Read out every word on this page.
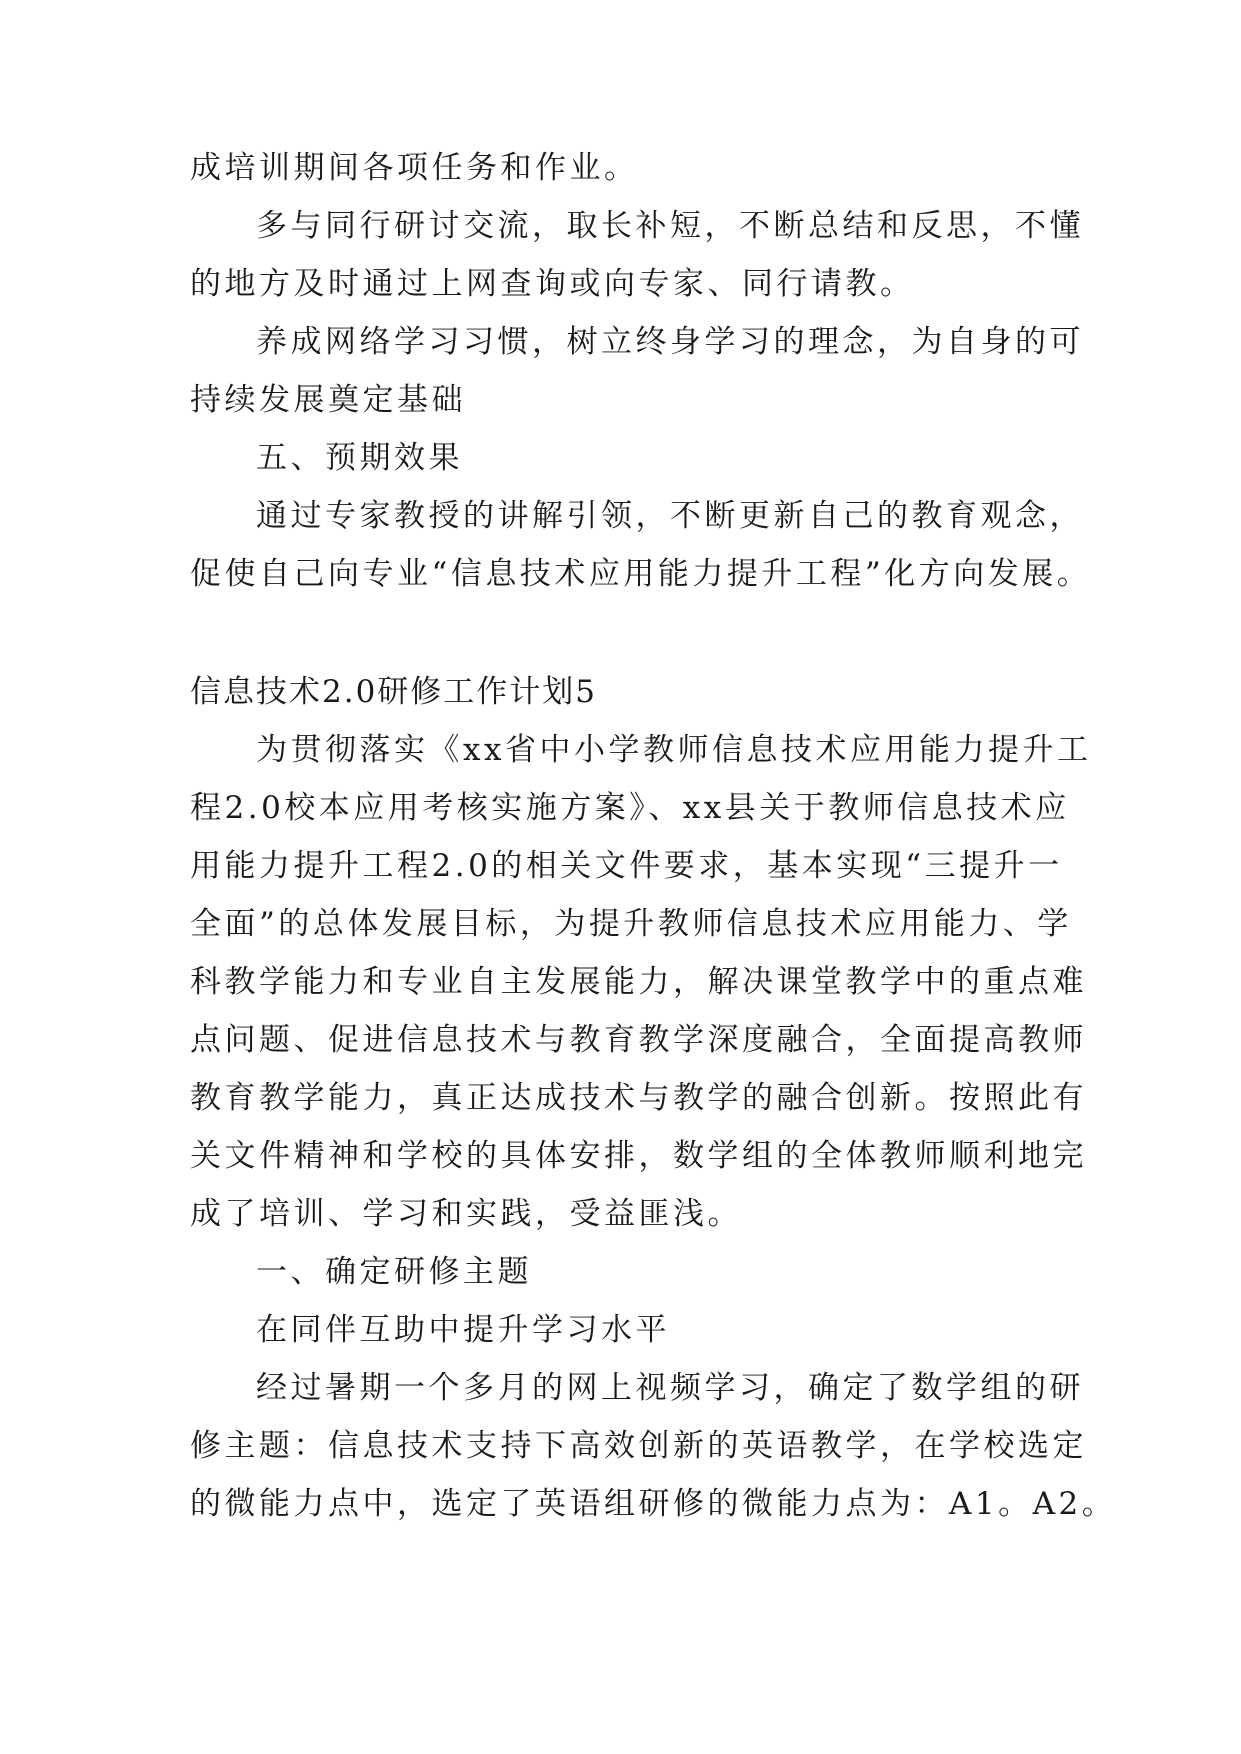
成培训期间各项任务和作业。
多与同行研讨交流，取长补短，不断总结和反思，不懂
的地方及时通过上网查询或向专家、同行请教。
养成网络学习习惯，树立终身学习的理念，为自身的可
持续发展奠定基础
五、预期效果
通过专家教授的讲解引领，不断更新自己的教育观念，
促使自己向专业“信息技术应用能力提升工程”化方向发展。
信息技术2.0研修工作计划5
为贯彻落实《xx省中小学教师信息技术应用能力提升工
程2.0校本应用考核实施方案》、xx县关于教师信息技术应
用能力提升工程2.0的相关文件要求，基本实现“三提升一
全面”的总体发展目标，为提升教师信息技术应用能力、学
科教学能力和专业自主发展能力，解决课堂教学中的重点难
点问题、促进信息技术与教育教学深度融合，全面提高教师
教育教学能力，真正达成技术与教学的融合创新。按照此有
关文件精神和学校的具体安排，数学组的全体教师顺利地完
成了培训、学习和实践，受益匪浅。
一、确定研修主题
在同伴互助中提升学习水平
经过暑期一个多月的网上视频学习，确定了数学组的研
修主题：信息技术支持下高效创新的英语教学，在学校选定
的微能力点中，选定了英语组研修的微能力点为：A1。A2。
